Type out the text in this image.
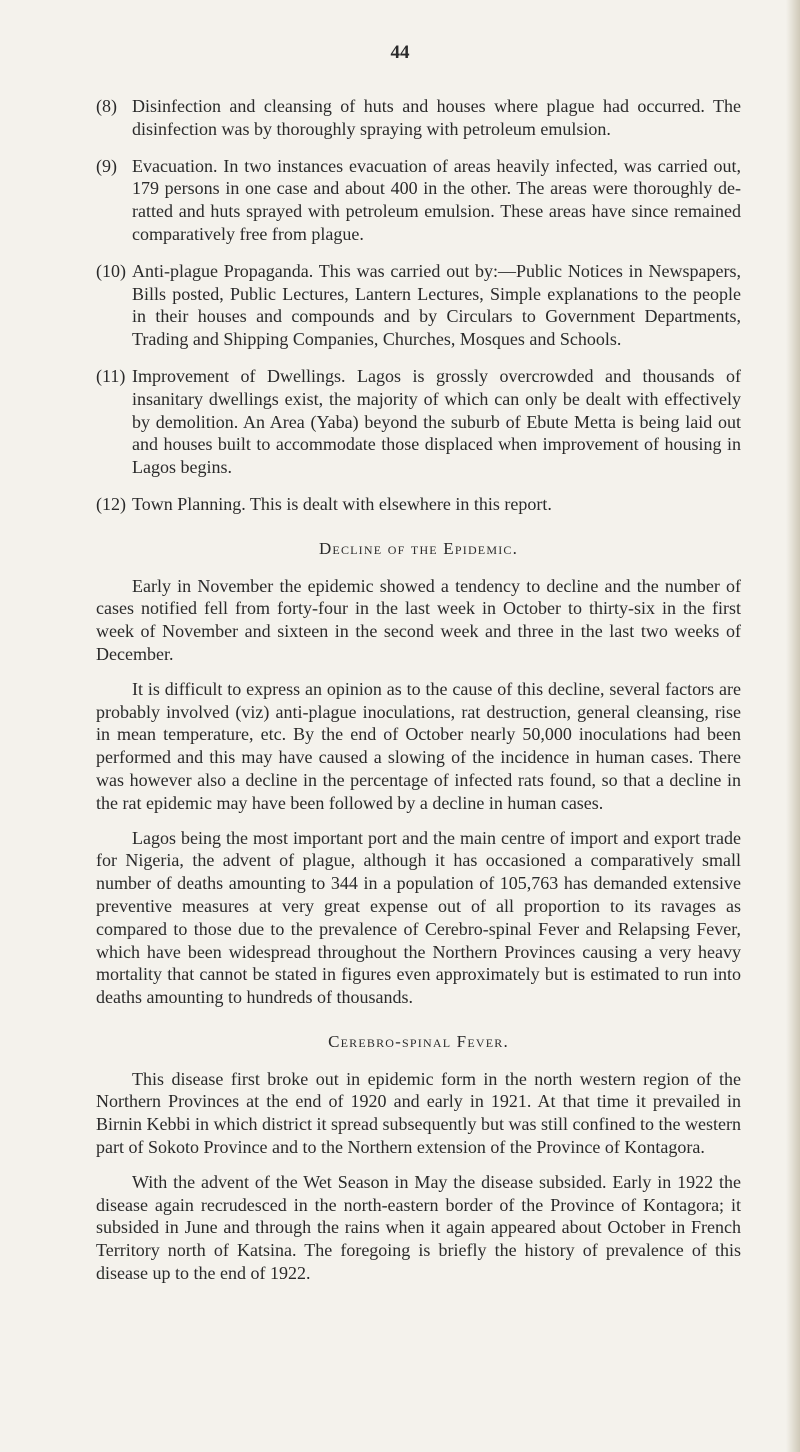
44
(8) Disinfection and cleansing of huts and houses where plague had occurred. The disinfection was by thoroughly spraying with petroleum emulsion.
(9) Evacuation. In two instances evacuation of areas heavily infected, was carried out, 179 persons in one case and about 400 in the other. The areas were thoroughly de-ratted and huts sprayed with petroleum emulsion. These areas have since remained comparatively free from plague.
(10) Anti-plague Propaganda. This was carried out by:—Public Notices in Newspapers, Bills posted, Public Lectures, Lantern Lectures, Simple explanations to the people in their houses and compounds and by Circulars to Government Departments, Trading and Shipping Companies, Churches, Mosques and Schools.
(11) Improvement of Dwellings. Lagos is grossly overcrowded and thousands of insanitary dwellings exist, the majority of which can only be dealt with effectively by demolition. An Area (Yaba) beyond the suburb of Ebute Metta is being laid out and houses built to accommodate those displaced when improvement of housing in Lagos begins.
(12) Town Planning. This is dealt with elsewhere in this report.
Decline of the Epidemic.

Early in November the epidemic showed a tendency to decline and the number of cases notified fell from forty-four in the last week in October to thirty-six in the first week of November and sixteen in the second week and three in the last two weeks of December.

It is difficult to express an opinion as to the cause of this decline, several factors are probably involved (viz) anti-plague inoculations, rat destruction, general cleansing, rise in mean temperature, etc. By the end of October nearly 50,000 inoculations had been performed and this may have caused a slowing of the incidence in human cases. There was however also a decline in the percentage of infected rats found, so that a decline in the rat epidemic may have been followed by a decline in human cases.

Lagos being the most important port and the main centre of import and export trade for Nigeria, the advent of plague, although it has occasioned a comparatively small number of deaths amounting to 344 in a population of 105,763 has demanded extensive preventive measures at very great expense out of all proportion to its ravages as compared to those due to the prevalence of Cerebro-spinal Fever and Relapsing Fever, which have been widespread throughout the Northern Provinces causing a very heavy mortality that cannot be stated in figures even approximately but is estimated to run into deaths amounting to hundreds of thousands.

Cerebro-spinal Fever.

This disease first broke out in epidemic form in the north western region of the Northern Provinces at the end of 1920 and early in 1921. At that time it prevailed in Birnin Kebbi in which district it spread subsequently but was still confined to the western part of Sokoto Province and to the Northern extension of the Province of Kontagora.

With the advent of the Wet Season in May the disease subsided. Early in 1922 the disease again recrudesced in the north-eastern border of the Province of Kontagora; it subsided in June and through the rains when it again appeared about October in French Territory north of Katsina. The foregoing is briefly the history of prevalence of this disease up to the end of 1922.
